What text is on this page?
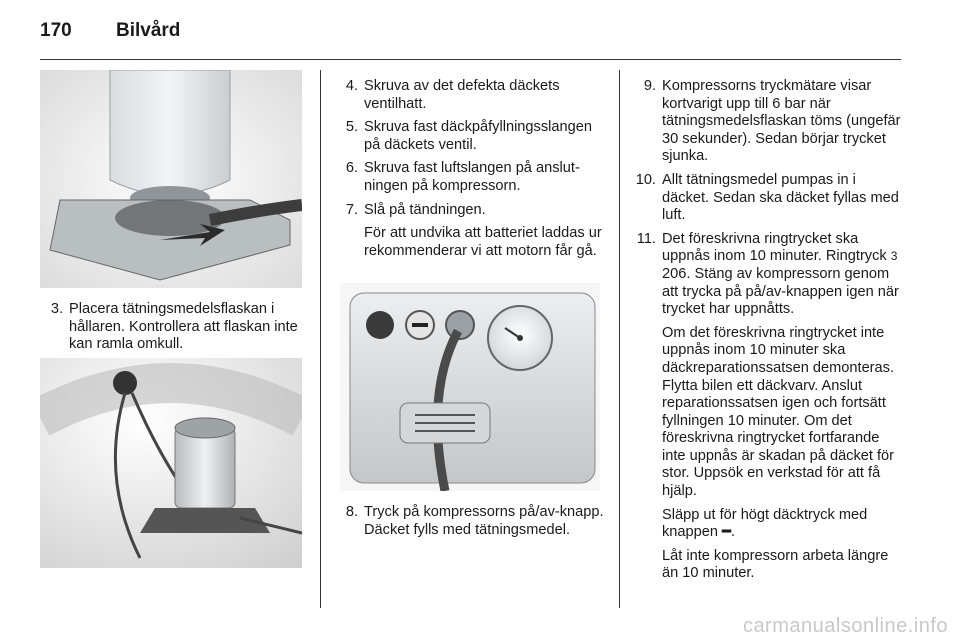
170	Bilvård
3. Placera tätningsmedelsflaskan i hållaren. Kontrollera att flaskan inte kan ramla omkull.
4. Skruva av det defekta däckets ventilhatt.
5. Skruva fast däckpåfyllningsslangen på däckets ventil.
6. Skruva fast luftslangen på anslutningen på kompressorn.
7. Slå på tändningen.
För att undvika att batteriet laddas ur rekommenderar vi att motorn får gå.
8. Tryck på kompressorns på/av-knapp. Däcket fylls med tätningsmedel.
9. Kompressorns tryckmätare visar kortvarigt upp till 6 bar när tätningsmedelsflaskan töms (ungefär 30 sekunder). Sedan börjar trycket sjunka.
10. Allt tätningsmedel pumpas in i däcket. Sedan ska däcket fyllas med luft.
11. Det föreskrivna ringtrycket ska uppnås inom 10 minuter. Ringtryck 3 206. Stäng av kompressorn genom att trycka på på/av-knappen igen när trycket har uppnåtts.
Om det föreskrivna ringtrycket inte uppnås inom 10 minuter ska däckreparationssatsen demonteras. Flytta bilen ett däckvarv. Anslut reparationssatsen igen och fortsätt fyllningen 10 minuter. Om det föreskrivna ringtrycket fortfarande inte uppnås är skadan på däcket för stor. Uppsök en verkstad för att få hjälp.
Släpp ut för högt däcktryck med knappen ━.
Låt inte kompressorn arbeta längre än 10 minuter.
carmanualsonline.info
